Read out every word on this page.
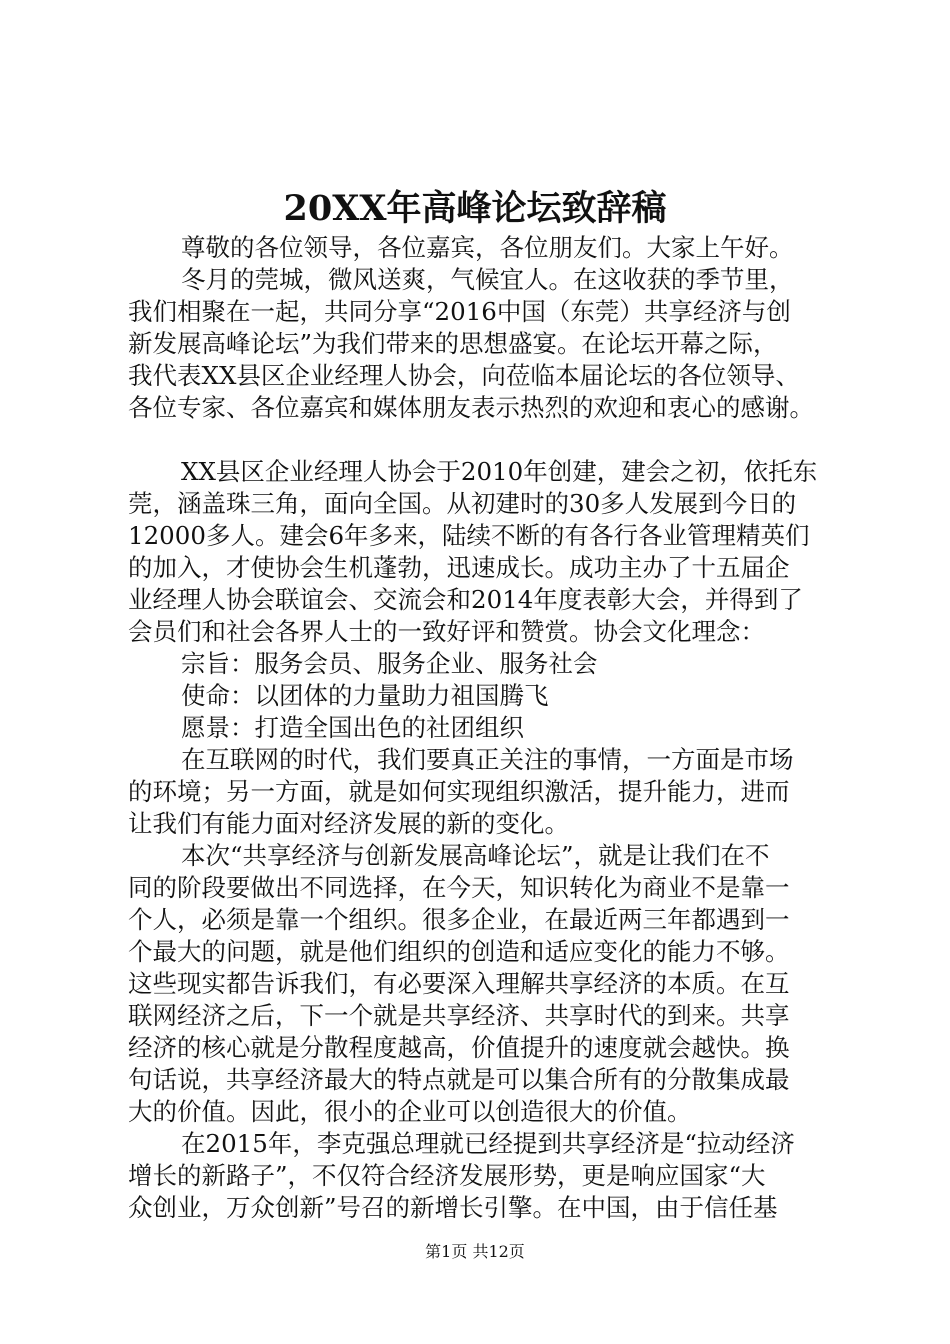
20XX年高峰论坛致辞稿

尊敬的各位领导，各位嘉宾，各位朋友们。大家上午好。

冬月的莞城，微风送爽，气候宜人。在这收获的季节里，

我们相聚在一起，共同分享“2016中国（东莞）共享经济与创

新发展高峰论坛”为我们带来的思想盛宴。在论坛开幕之际，

我代表XX县区企业经理人协会，向莅临本届论坛的各位领导、

各位专家、各位嘉宾和媒体朋友表示热烈的欢迎和衷心的感谢。

XX县区企业经理人协会于2010年创建，建会之初，依托东

莞，涵盖珠三角，面向全国。从初建时的30多人发展到今日的

12000多人。建会6年多来，陆续不断的有各行各业管理精英们

的加入，才使协会生机蓬勃，迅速成长。成功主办了十五届企

业经理人协会联谊会、交流会和2014年度表彰大会，并得到了

会员们和社会各界人士的一致好评和赞赏。协会文化理念：

宗旨：服务会员、服务企业、服务社会

使命：以团体的力量助力祖国腾飞

愿景：打造全国出色的社团组织

在互联网的时代，我们要真正关注的事情，一方面是市场

的环境；另一方面，就是如何实现组织激活，提升能力，进而

让我们有能力面对经济发展的新的变化。

本次“共享经济与创新发展高峰论坛”，就是让我们在不

同的阶段要做出不同选择，在今天，知识转化为商业不是靠一

个人，必须是靠一个组织。很多企业，在最近两三年都遇到一

个最大的问题，就是他们组织的创造和适应变化的能力不够。

这些现实都告诉我们，有必要深入理解共享经济的本质。在互

联网经济之后，下一个就是共享经济、共享时代的到来。共享

经济的核心就是分散程度越高，价值提升的速度就会越快。换

句话说，共享经济最大的特点就是可以集合所有的分散集成最

大的价值。因此，很小的企业可以创造很大的价值。

在2015年，李克强总理就已经提到共享经济是“拉动经济

增长的新路子”，不仅符合经济发展形势，更是响应国家“大

众创业，万众创新”号召的新增长引擎。在中国，由于信任基

第1页 共12页
